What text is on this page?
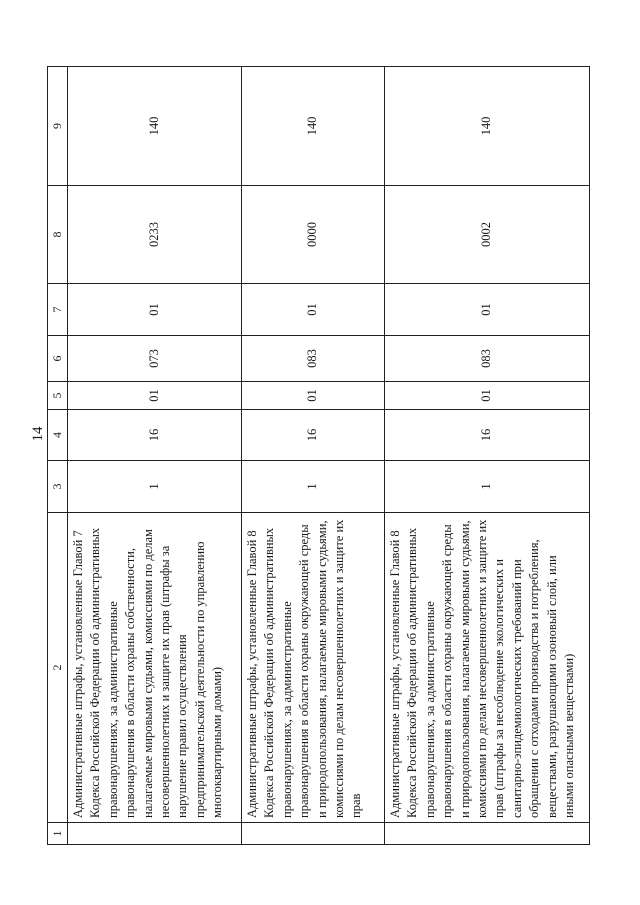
14
1	2	3	4	5	6	7	8	9
	Административные штрафы, установленные Главой 7 Кодекса Российской Федерации об административных правонарушениях, за административные правонарушения в области охраны собственности, налагаемые мировыми судьями, комиссиями по делам несовершеннолетних и защите их прав (штрафы за нарушение правил осуществления предпринимательской деятельности по управлению многоквартирными домами)	1	16	01	073	01	0233	140
	Административные штрафы, установленные Главой 8 Кодекса Российской Федерации об административных правонарушениях, за административные правонарушения в области охраны окружающей среды и природопользования, налагаемые мировыми судьями, комиссиями по делам несовершеннолетних и защите их прав	1	16	01	083	01	0000	140
	Административные штрафы, установленные Главой 8 Кодекса Российской Федерации об административных правонарушениях, за административные правонарушения в области охраны окружающей среды и природопользования, налагаемые мировыми судьями, комиссиями по делам несовершеннолетних и защите их прав (штрафы за несоблюдение экологических и санитарно-эпидемиологических требований при обращении с отходами производства и потребления, веществами, разрушающими озоновый слой, или иными опасными веществами)	1	16	01	083	01	0002	140
